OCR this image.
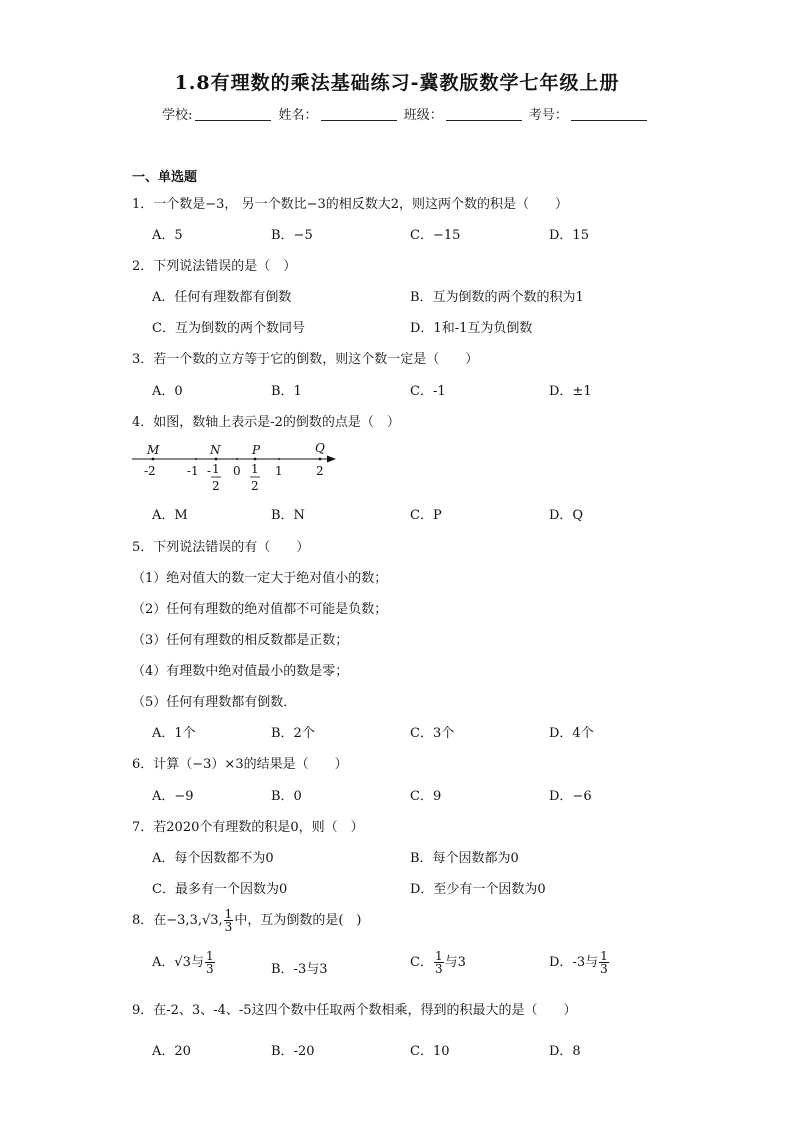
1.8有理数的乘法基础练习-冀教版数学七年级上册
学校:	姓名：	班级：	考号：
一、单选题
1．一个数是−3， 另一个数比−3的相反数大2，则这两个数的积是（　　）
A．5	B．−5	C．−15	D．15
2．下列说法错误的是（　）
A．任何有理数都有倒数	B．互为倒数的两个数的积为1
C．互为倒数的两个数同号	D．1和-1互为负倒数
3．若一个数的立方等于它的倒数，则这个数一定是（　　）
A．0	B．1	C．-1	D．±1
4．如图，数轴上表示是-2的倒数的点是（　）
M	N	P	Q
-2	-1 - 1
2
0 1
2
1	2
A．M	B．N	C．P	D．Q
5．下列说法错误的有（　　）
（1）绝对值大的数一定大于绝对值小的数；
（2）任何有理数的绝对值都不可能是负数；
（3）任何有理数的相反数都是正数；
（4）有理数中绝对值最小的数是零；
（5）任何有理数都有倒数．
A．1个	B．2个	C．3个	D．4个
6．计算（−3）×3的结果是（　　）
A．−9	B．0	C．9	D．−6
7．若2020个有理数的积是0，则（　）
A．每个因数都不为0	B．每个因数都为0
C．最多有一个因数为0	D．至少有一个因数为0
8．在−3,3,√3, $\frac{1}{3}$ 中，互为倒数的是(　)
A．√3与 $\frac{1}{3}$	B．-3与3	C． $\frac{1}{3}$ 与3	D．-3与 $\frac{1}{3}$
9．在-2、3、-4、-5这四个数中任取两个数相乘，得到的积最大的是（　　）
A．20	B．-20	C．10	D．8
